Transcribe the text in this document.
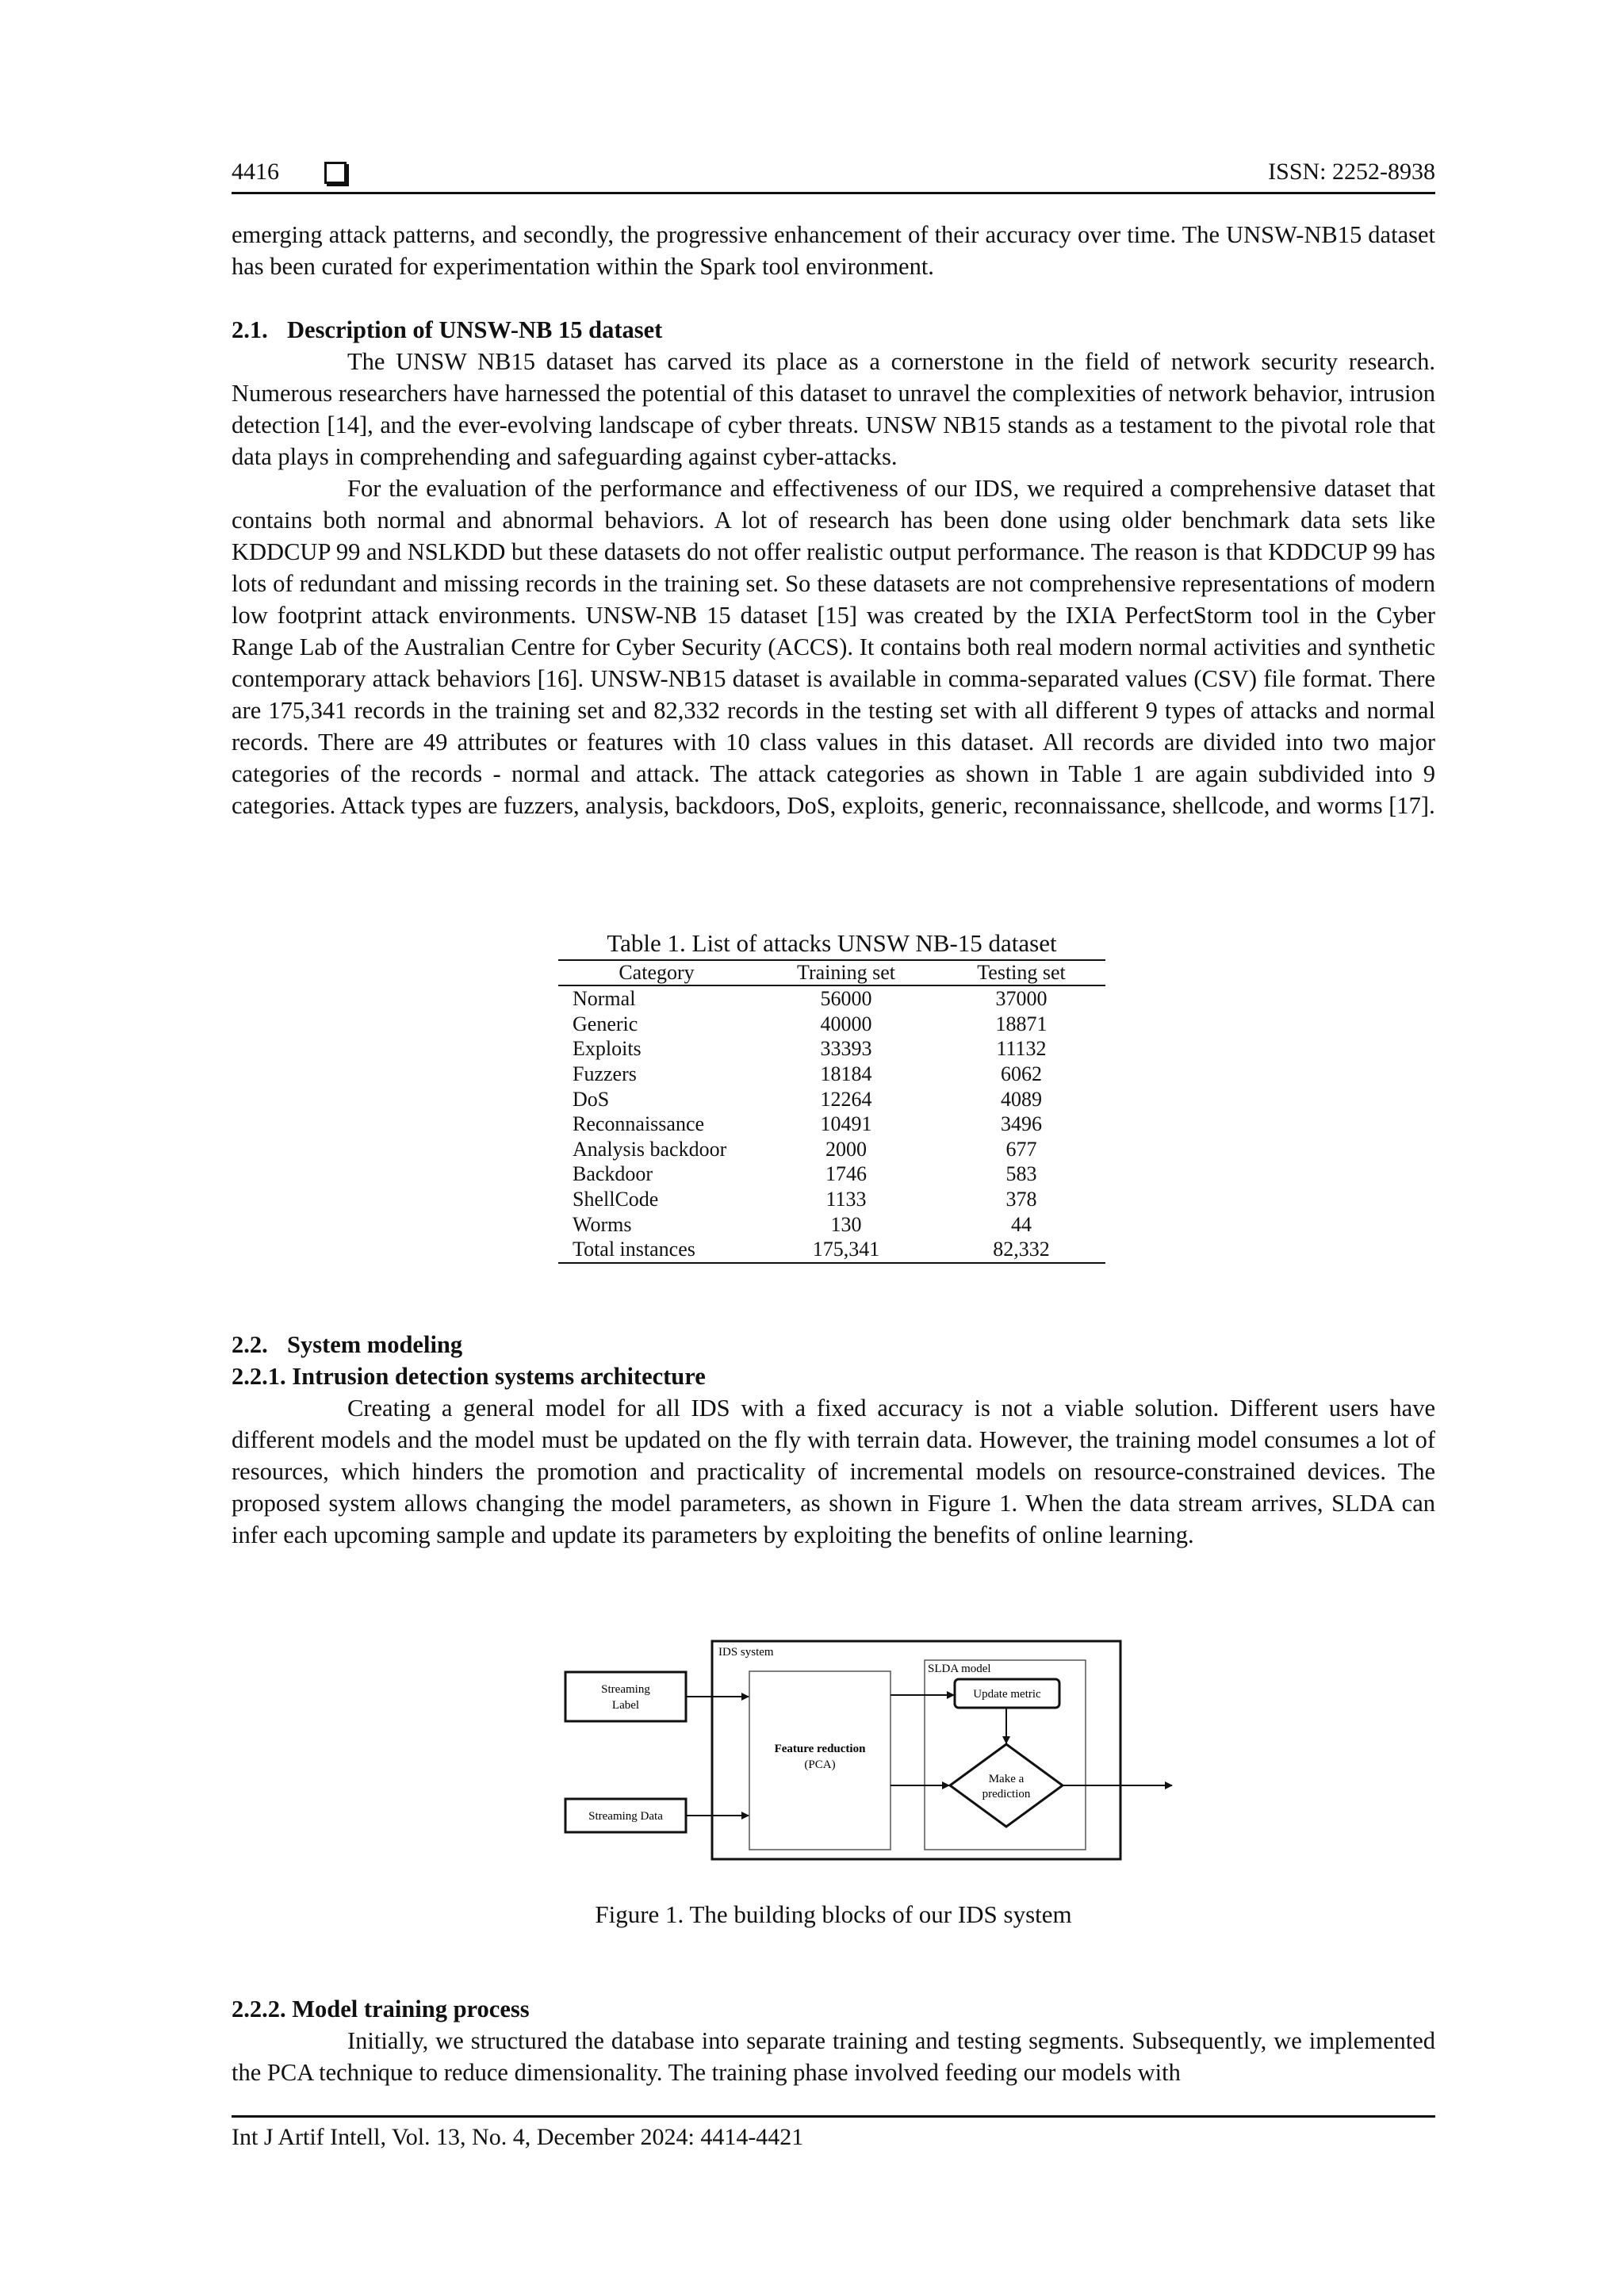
4416	ISSN: 2252-8938

emerging attack patterns, and secondly, the progressive enhancement of their accuracy over time. The UNSW-NB15 dataset has been curated for experimentation within the Spark tool environment.

2.1. Description of UNSW-NB 15 dataset

The UNSW NB15 dataset has carved its place as a cornerstone in the field of network security research. Numerous researchers have harnessed the potential of this dataset to unravel the complexities of network behavior, intrusion detection [14], and the ever-evolving landscape of cyber threats. UNSW NB15 stands as a testament to the pivotal role that data plays in comprehending and safeguarding against cyber-attacks.

For the evaluation of the performance and effectiveness of our IDS, we required a comprehensive dataset that contains both normal and abnormal behaviors. A lot of research has been done using older benchmark data sets like KDDCUP 99 and NSLKDD but these datasets do not offer realistic output performance. The reason is that KDDCUP 99 has lots of redundant and missing records in the training set. So these datasets are not comprehensive representations of modern low footprint attack environments. UNSW-NB 15 dataset [15] was created by the IXIA PerfectStorm tool in the Cyber Range Lab of the Australian Centre for Cyber Security (ACCS). It contains both real modern normal activities and synthetic contemporary attack behaviors [16]. UNSW-NB15 dataset is available in comma-separated values (CSV) file format. There are 175,341 records in the training set and 82,332 records in the testing set with all different 9 types of attacks and normal records. There are 49 attributes or features with 10 class values in this dataset. All records are divided into two major categories of the records - normal and attack. The attack categories as shown in Table 1 are again subdivided into 9 categories. Attack types are fuzzers, analysis, backdoors, DoS, exploits, generic, reconnaissance, shellcode, and worms [17].

Table 1. List of attacks UNSW NB-15 dataset
Category	Training set	Testing set
Normal	56000	37000
Generic	40000	18871
Exploits	33393	11132
Fuzzers	18184	6062
DoS	12264	4089
Reconnaissance	10491	3496
Analysis backdoor	2000	677
Backdoor	1746	583
ShellCode	1133	378
Worms	130	44
Total instances	175,341	82,332
2.2. System modeling
2.2.1. Intrusion detection systems architecture

Creating a general model for all IDS with a fixed accuracy is not a viable solution. Different users have different models and the model must be updated on the fly with terrain data. However, the training model consumes a lot of resources, which hinders the promotion and practicality of incremental models on resource-constrained devices. The proposed system allows changing the model parameters, as shown in Figure 1. When the data stream arrives, SLDA can infer each upcoming sample and update its parameters by exploiting the benefits of online learning.

IDS system
Feature reduction
(PCA)
SLDA model
Update metric
Make a
prediction
Streaming
Label
Streaming Data
Figure 1. The building blocks of our IDS system
2.2.2. Model training process

Initially, we structured the database into separate training and testing segments. Subsequently, we implemented the PCA technique to reduce dimensionality. The training phase involved feeding our models with

Int J Artif Intell, Vol. 13, No. 4, December 2024: 4414-4421
